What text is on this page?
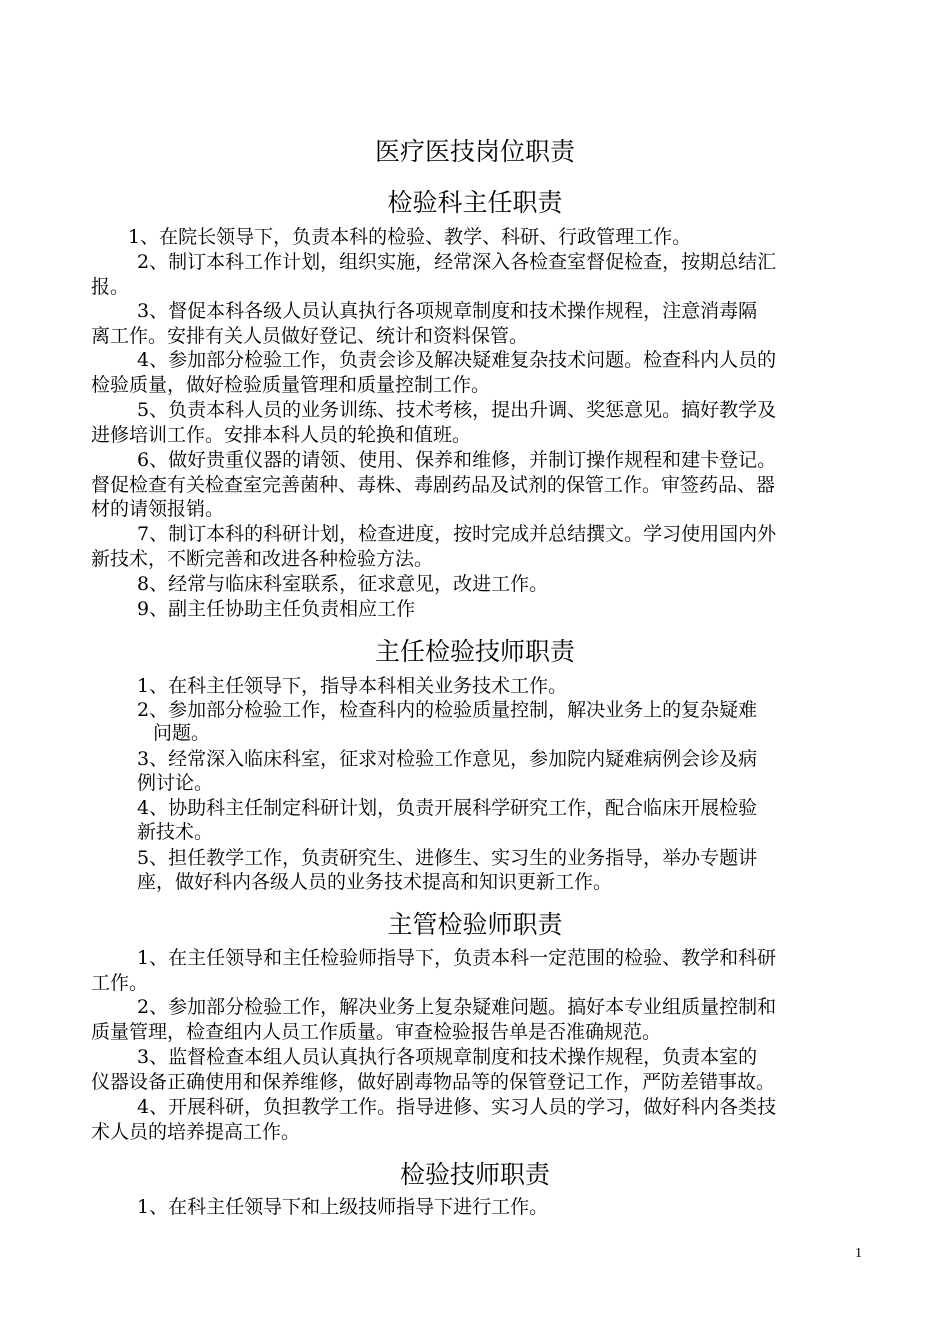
医疗医技岗位职责
检验科主任职责

1、在院长领导下，负责本科的检验、教学、科研、行政管理工作。

2、制订本科工作计划，组织实施，经常深入各检查室督促检查，按期总结汇

报。

3、督促本科各级人员认真执行各项规章制度和技术操作规程，注意消毒隔

离工作。安排有关人员做好登记、统计和资料保管。

4、参加部分检验工作，负责会诊及解决疑难复杂技术问题。检查科内人员的

检验质量，做好检验质量管理和质量控制工作。

5、负责本科人员的业务训练、技术考核，提出升调、奖惩意见。搞好教学及

进修培训工作。安排本科人员的轮换和值班。

6、做好贵重仪器的请领、使用、保养和维修，并制订操作规程和建卡登记。

督促检查有关检查室完善菌种、毒株、毒剧药品及试剂的保管工作。审签药品、器

材的请领报销。

7、制订本科的科研计划，检查进度，按时完成并总结撰文。学习使用国内外

新技术，不断完善和改进各种检验方法。

8、经常与临床科室联系，征求意见，改进工作。

9、副主任协助主任负责相应工作

主任检验技师职责

1、在科主任领导下，指导本科相关业务技术工作。

2、参加部分检验工作，检查科内的检验质量控制，解决业务上的复杂疑难

问题。

3、经常深入临床科室，征求对检验工作意见，参加院内疑难病例会诊及病

例讨论。

4、协助科主任制定科研计划，负责开展科学研究工作，配合临床开展检验

新技术。

5、担任教学工作，负责研究生、进修生、实习生的业务指导，举办专题讲

座，做好科内各级人员的业务技术提高和知识更新工作。

主管检验师职责

1、在主任领导和主任检验师指导下，负责本科一定范围的检验、教学和科研

工作。

2、参加部分检验工作，解决业务上复杂疑难问题。搞好本专业组质量控制和

质量管理，检查组内人员工作质量。审查检验报告单是否准确规范。

3、监督检查本组人员认真执行各项规章制度和技术操作规程，负责本室的

仪器设备正确使用和保养维修，做好剧毒物品等的保管登记工作，严防差错事故。

4、开展科研，负担教学工作。指导进修、实习人员的学习，做好科内各类技

术人员的培养提高工作。

检验技师职责

1、在科主任领导下和上级技师指导下进行工作。

1
